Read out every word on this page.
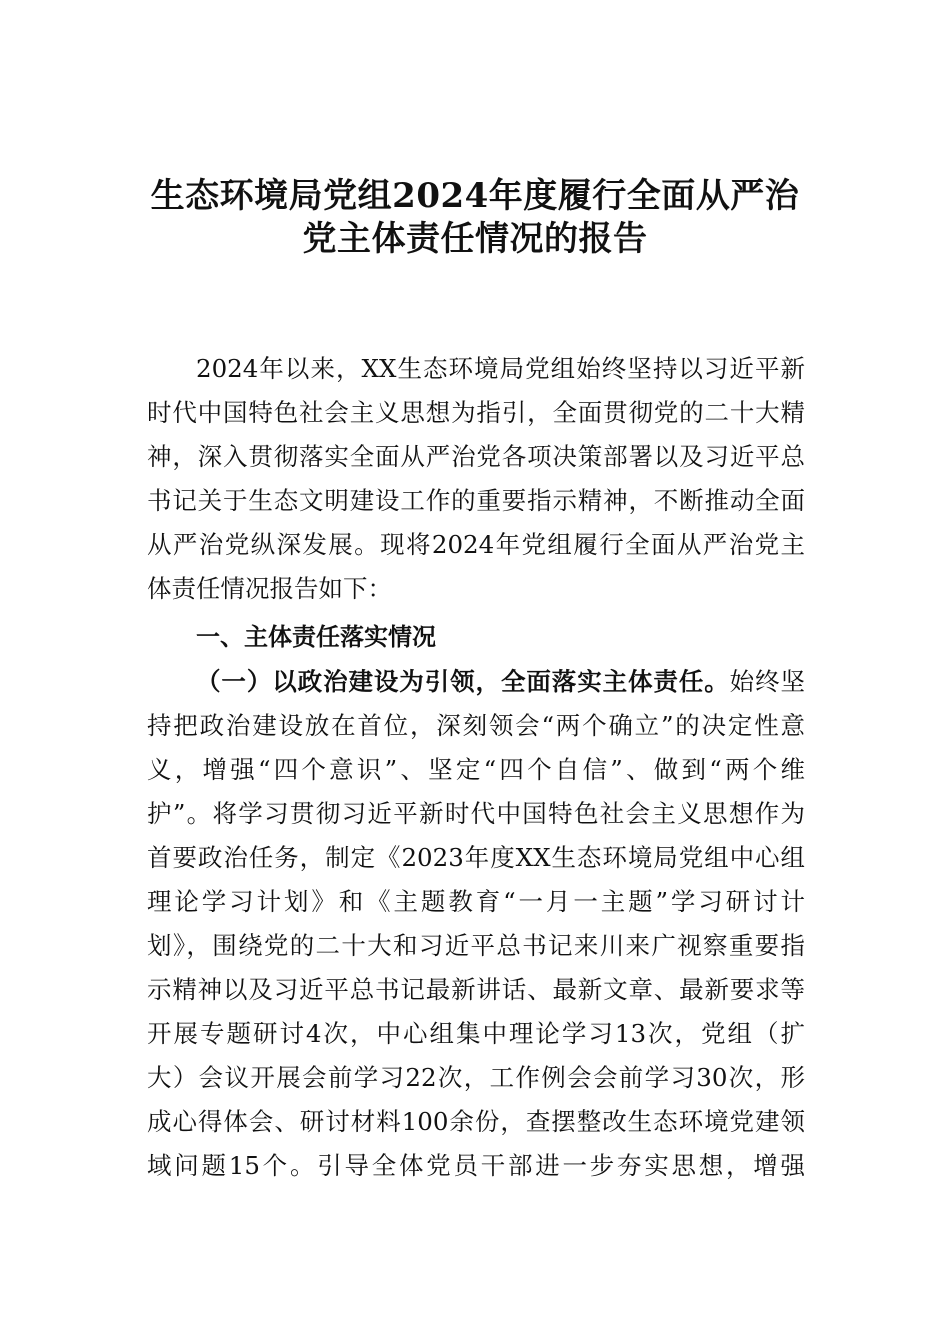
生态环境局党组2024年度履行全面从严治
党主体责任情况的报告
2024年以来，XX生态环境局党组始终坚持以习近平新
时代中国特色社会主义思想为指引，全面贯彻党的二十大精
神，深入贯彻落实全面从严治党各项决策部署以及习近平总
书记关于生态文明建设工作的重要指示精神，不断推动全面
从严治党纵深发展。现将2024年党组履行全面从严治党主
体责任情况报告如下：
一、主体责任落实情况
（一）以政治建设为引领，全面落实主体责任。始终坚
持把政治建设放在首位，深刻领会“两个确立”的决定性意
义，增强“四个意识”、坚定“四个自信”、做到“两个维
护”。将学习贯彻习近平新时代中国特色社会主义思想作为
首要政治任务，制定《2023年度XX生态环境局党组中心组
理论学习计划》和《主题教育“一月一主题”学习研讨计
划》，围绕党的二十大和习近平总书记来川来广视察重要指
示精神以及习近平总书记最新讲话、最新文章、最新要求等
开展专题研讨4次，中心组集中理论学习13次，党组（扩
大）会议开展会前学习22次，工作例会会前学习30次，形
成心得体会、研讨材料100余份，查摆整改生态环境党建领
域问题15个。引导全体党员干部进一步夯实思想，增强
